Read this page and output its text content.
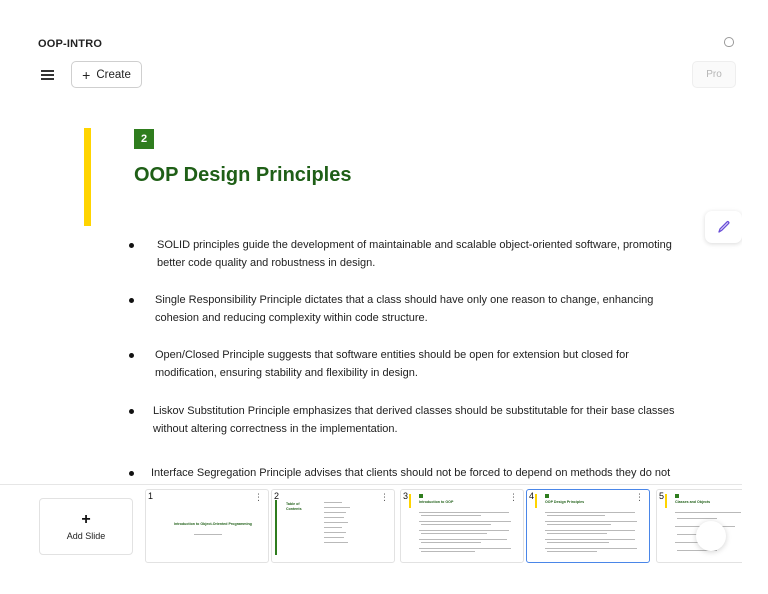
OOP-INTRO
+ Create	Pro
2
OOP Design Principles
SOLID principles guide the development of maintainable and scalable object-oriented software, promoting better code quality and robustness in design.
Single Responsibility Principle dictates that a class should have only one reason to change, enhancing cohesion and reducing complexity within code structure.
Open/Closed Principle suggests that software entities should be open for extension but closed for modification, ensuring stability and flexibility in design.
Liskov Substitution Principle emphasizes that derived classes should be substitutable for their base classes without altering correctness in the implementation.
Interface Segregation Principle advises that clients should not be forced to depend on methods they do not
+
Add Slide
Introduction to Object-Oriented Programming
1	⋮
Table of Contents
2	⋮	Introduction to OOP
3	⋮	OOP Design Principles
4	⋮	Classes and Objects
5
